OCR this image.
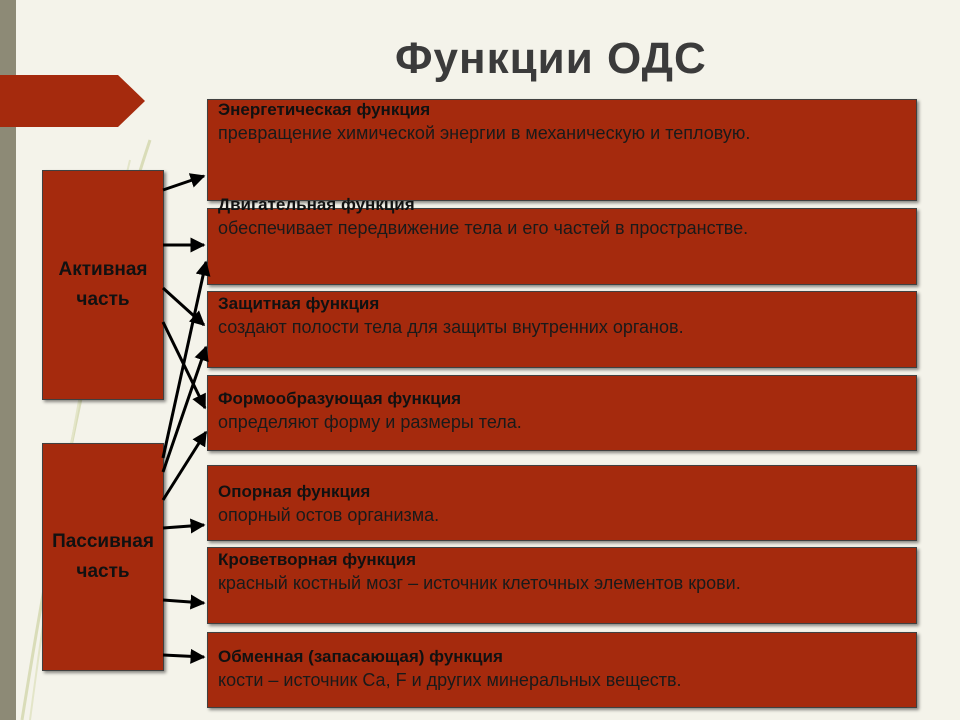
Функции ОДС
Активная часть
Пассивная часть
Энергетическая функция
превращение химической энергии в механическую и тепловую.
Двигательная функция
обеспечивает передвижение тела и его частей в пространстве.
Защитная функция
создают полости тела для защиты внутренних органов.
Формообразующая функция
определяют форму и размеры тела.
Опорная функция
опорный остов организма.
Кроветворная функция
красный костный мозг – источник клеточных элементов крови.
Обменная (запасающая) функция
кости – источник Са, F и других минеральных веществ.
